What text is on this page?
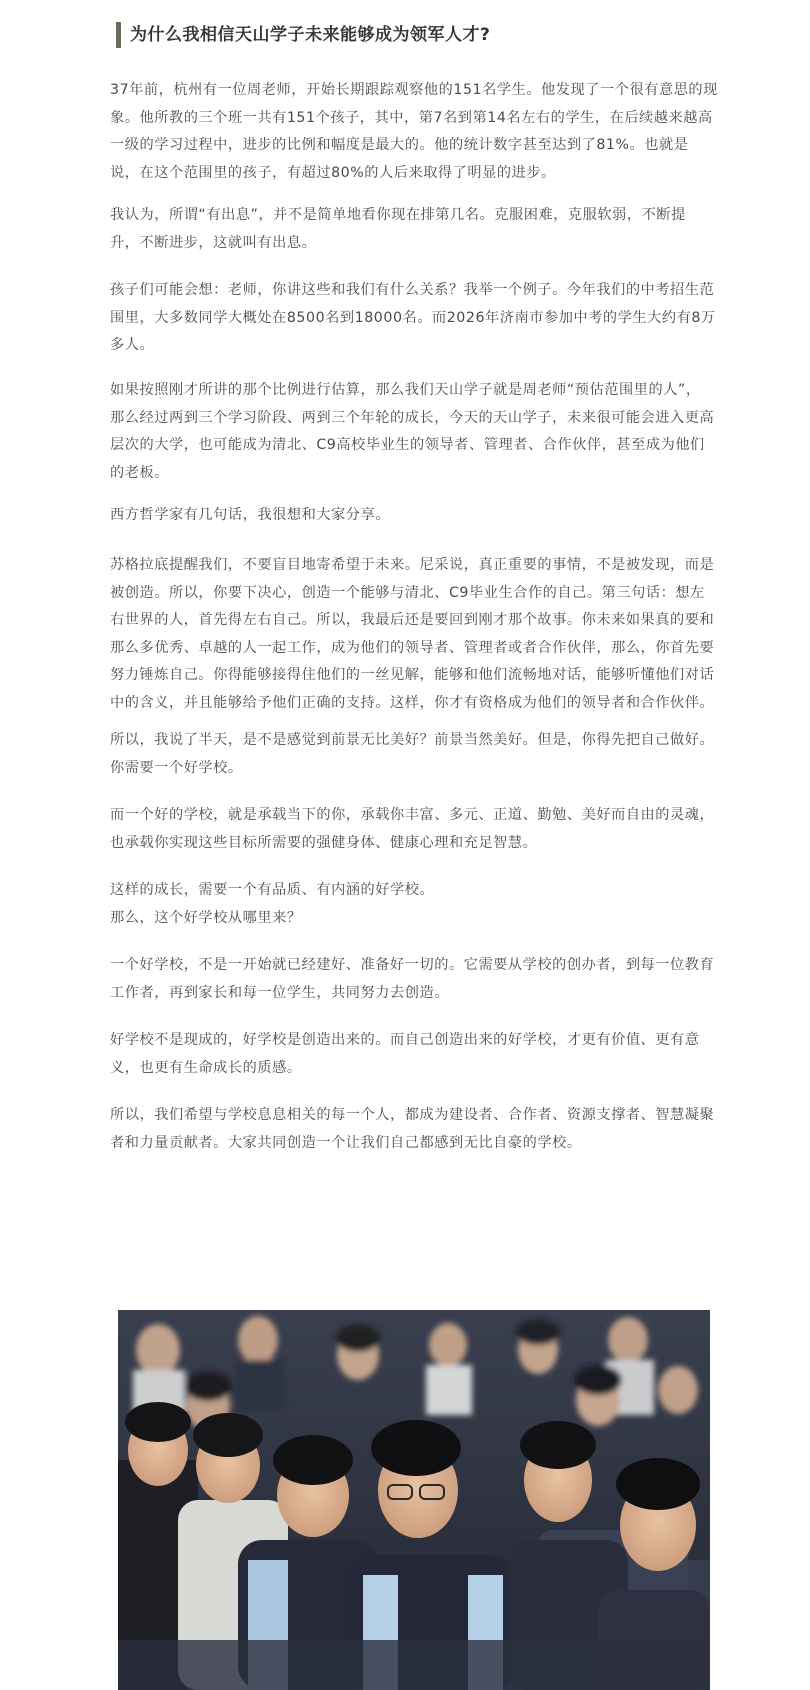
为什么我相信天山学子未来能够成为领军人才?

37年前，杭州有一位周老师，开始长期跟踪观察他的151名学生。他发现了一个很有意思的现
象。他所教的三个班一共有151个孩子，其中，第7名到第14名左右的学生，在后续越来越高
一级的学习过程中，进步的比例和幅度是最大的。他的统计数字甚至达到了81%。也就是
说，在这个范围里的孩子，有超过80%的人后来取得了明显的进步。

我认为，所谓“有出息”，并不是简单地看你现在排第几名。克服困难，克服软弱，不断提
升，不断进步，这就叫有出息。

孩子们可能会想：老师，你讲这些和我们有什么关系？我举一个例子。今年我们的中考招生范
围里，大多数同学大概处在8500名到18000名。而2026年济南市参加中考的学生大约有8万
多人。

如果按照刚才所讲的那个比例进行估算，那么我们天山学子就是周老师“预估范围里的人”，
那么经过两到三个学习阶段、两到三个年轮的成长，今天的天山学子，未来很可能会进入更高
层次的大学，也可能成为清北、C9高校毕业生的领导者、管理者、合作伙伴，甚至成为他们
的老板。

西方哲学家有几句话，我很想和大家分享。

苏格拉底提醒我们，不要盲目地寄希望于未来。尼采说，真正重要的事情，不是被发现，而是
被创造。所以，你要下决心，创造一个能够与清北、C9毕业生合作的自己。第三句话：想左
右世界的人，首先得左右自己。所以，我最后还是要回到刚才那个故事。你未来如果真的要和
那么多优秀、卓越的人一起工作，成为他们的领导者、管理者或者合作伙伴，那么，你首先要
努力锤炼自己。你得能够接得住他们的一丝见解，能够和他们流畅地对话，能够听懂他们对话
中的含义，并且能够给予他们正确的支持。这样，你才有资格成为他们的领导者和合作伙伴。

所以，我说了半天，是不是感觉到前景无比美好？前景当然美好。但是，你得先把自己做好。
你需要一个好学校。

而一个好的学校，就是承载当下的你，承载你丰富、多元、正道、勤勉、美好而自由的灵魂，
也承载你实现这些目标所需要的强健身体、健康心理和充足智慧。

这样的成长，需要一个有品质、有内涵的好学校。
那么，这个好学校从哪里来？

一个好学校，不是一开始就已经建好、准备好一切的。它需要从学校的创办者，到每一位教育
工作者，再到家长和每一位学生，共同努力去创造。

好学校不是现成的，好学校是创造出来的。而自己创造出来的好学校，才更有价值、更有意
义，也更有生命成长的质感。

所以，我们希望与学校息息相关的每一个人，都成为建设者、合作者、资源支撑者、智慧凝聚
者和力量贡献者。大家共同创造一个让我们自己都感到无比自豪的学校。
